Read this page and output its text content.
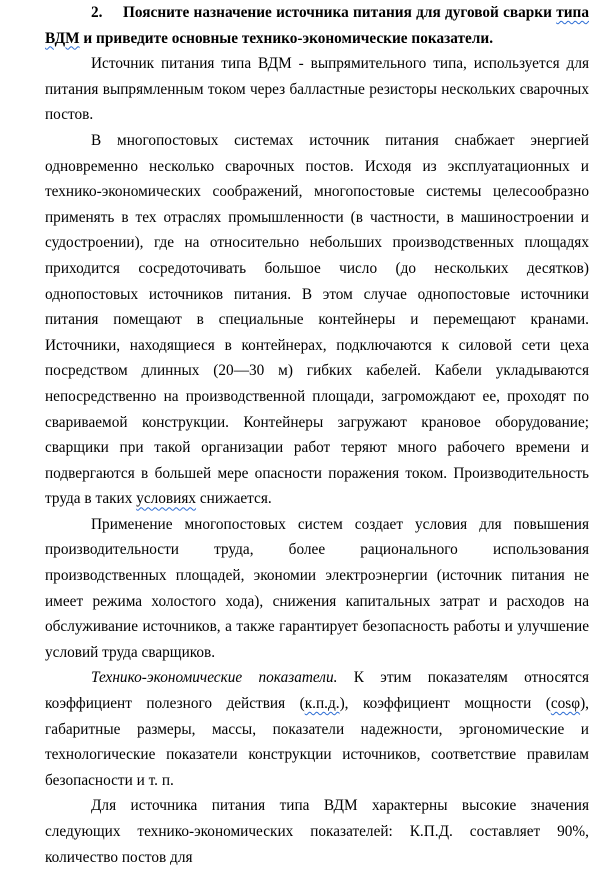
2. Поясните назначение источника питания для дуговой сварки типа ВДМ и приведите основные технико-экономические показатели.

Источник питания типа ВДМ - выпрямительного типа, используется для питания выпрямленным током через балластные резисторы нескольких сварочных постов.

В многопостовых системах источник питания снабжает энергией одновременно несколько сварочных постов. Исходя из эксплуатационных и технико-экономических соображений, многопостовые системы целесообразно применять в тех отраслях промышленности (в частности, в машиностроении и судостроении), где на относительно небольших производственных площадях приходится сосредоточивать большое число (до нескольких десятков) однопостовых источников питания. В этом случае однопостовые источники питания помещают в специальные контейнеры и перемещают кранами. Источники, находящиеся в контейнерах, подключаются к силовой сети цеха посредством длинных (20—30 м) гибких кабелей. Кабели укладываются непосредственно на производственной площади, загромождают ее, проходят по свариваемой конструкции. Контейнеры загружают крановое оборудование; сварщики при такой организации работ теряют много рабочего времени и подвергаются в большей мере опасности поражения током. Производительность труда в таких условиях снижается.

Применение многопостовых систем создает условия для повышения производительности труда, более рационального использования производственных площадей, экономии электроэнергии (источник питания не имеет режима холостого хода), снижения капитальных затрат и расходов на обслуживание источников, а также гарантирует безопасность работы и улучшение условий труда сварщиков.

Технико-экономические показатели. К этим показателям относятся коэффициент полезного действия (к.п.д.), коэффициент мощности (cosφ), габаритные размеры, массы, показатели надежности, эргономические и технологические показатели конструкции источников, соответствие правилам безопасности и т. п.

Для источника питания типа ВДМ характерны высокие значения следующих технико-экономических показателей: К.П.Д. составляет 90%, количество постов для
